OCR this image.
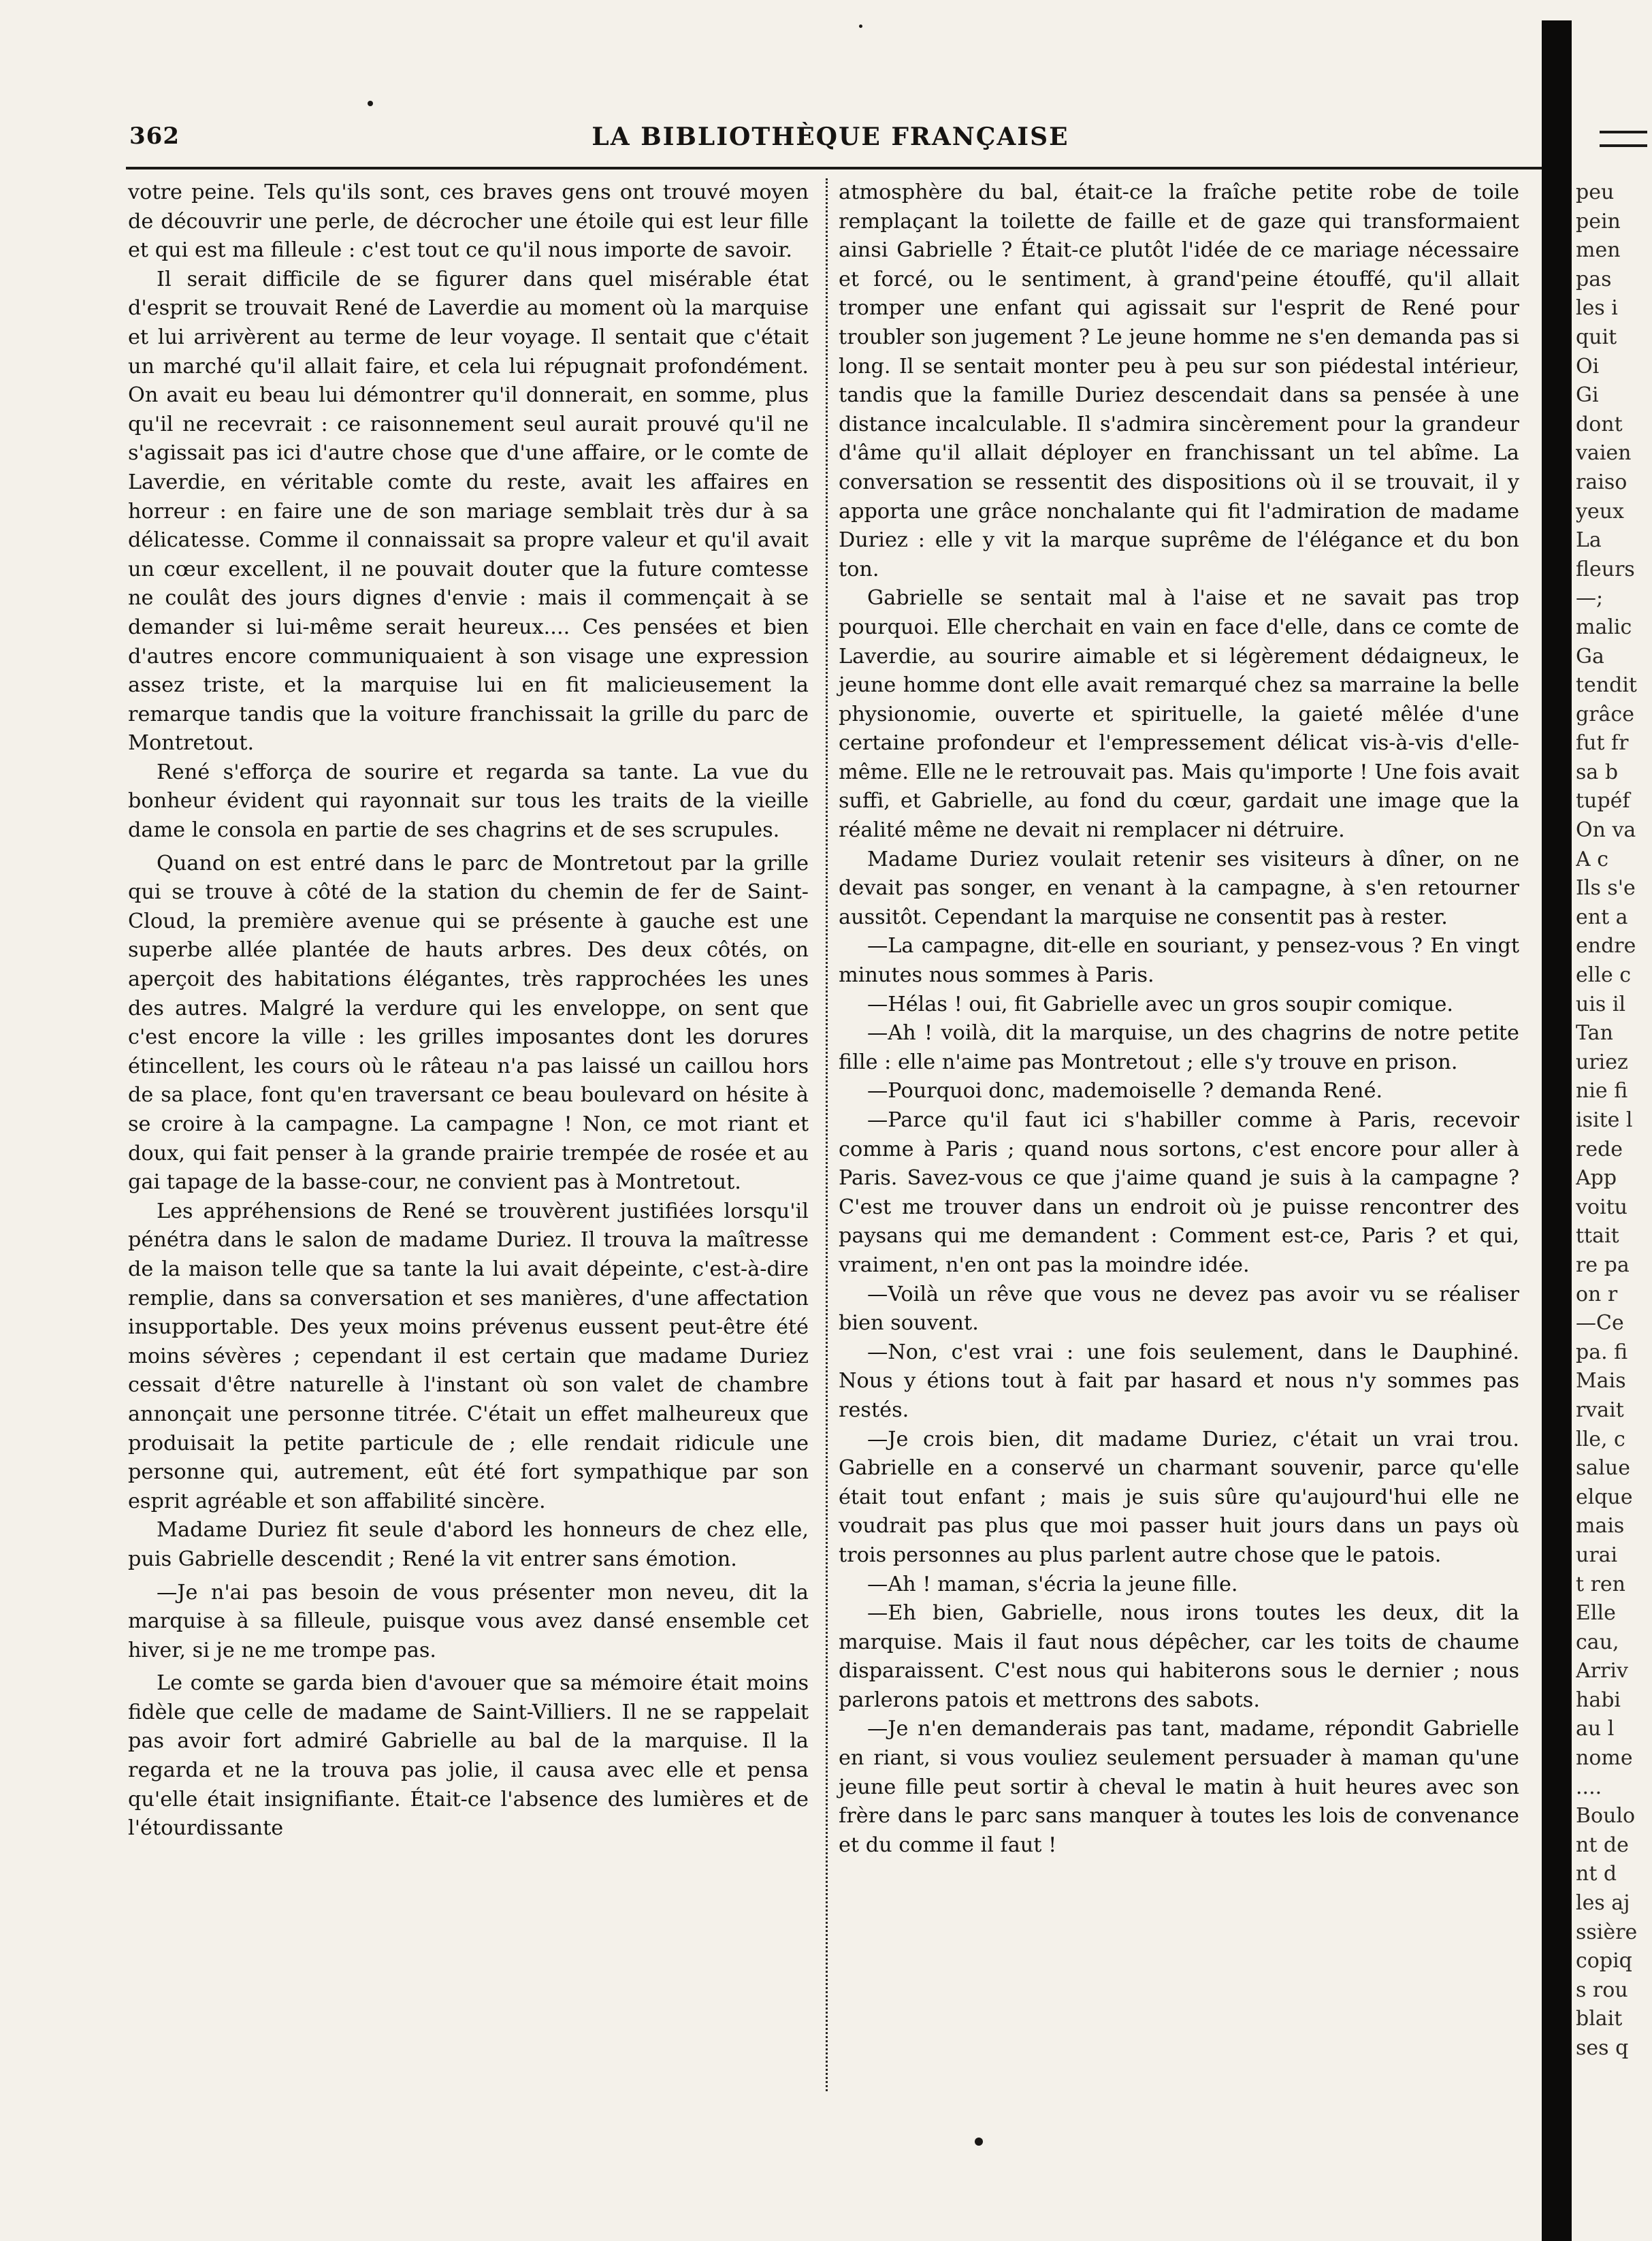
362	LA BIBLIOTHÈQUE FRANÇAISE

votre peine. Tels qu'ils sont, ces braves gens ont trouvé moyen de découvrir une perle, de décrocher une étoile qui est leur fille et qui est ma filleule : c'est tout ce qu'il nous importe de savoir.

Il serait difficile de se figurer dans quel misérable état d'esprit se trouvait René de Laverdie au moment où la marquise et lui arrivèrent au terme de leur voyage. Il sentait que c'était un marché qu'il allait faire, et cela lui répugnait profondément. On avait eu beau lui démontrer qu'il donnerait, en somme, plus qu'il ne recevrait : ce raisonnement seul aurait prouvé qu'il ne s'agissait pas ici d'autre chose que d'une affaire, or le comte de Laverdie, en véritable comte du reste, avait les affaires en horreur : en faire une de son mariage semblait très dur à sa délicatesse. Comme il connaissait sa propre valeur et qu'il avait un cœur excellent, il ne pouvait douter que la future comtesse ne coulât des jours dignes d'envie : mais il commençait à se demander si lui-même serait heureux.... Ces pensées et bien d'autres encore communiquaient à son visage une expression assez triste, et la marquise lui en fit malicieusement la remarque tandis que la voiture franchissait la grille du parc de Montretout.

René s'efforça de sourire et regarda sa tante. La vue du bonheur évident qui rayonnait sur tous les traits de la vieille dame le consola en partie de ses chagrins et de ses scrupules.

Quand on est entré dans le parc de Montretout par la grille qui se trouve à côté de la station du chemin de fer de Saint-Cloud, la première avenue qui se présente à gauche est une superbe allée plantée de hauts arbres. Des deux côtés, on aperçoit des habitations élégantes, très rapprochées les unes des autres. Malgré la verdure qui les enveloppe, on sent que c'est encore la ville : les grilles imposantes dont les dorures étincellent, les cours où le râteau n'a pas laissé un caillou hors de sa place, font qu'en traversant ce beau boulevard on hésite à se croire à la campagne. La campagne ! Non, ce mot riant et doux, qui fait penser à la grande prairie trempée de rosée et au gai tapage de la basse-cour, ne convient pas à Montretout.

Les appréhensions de René se trouvèrent justifiées lorsqu'il pénétra dans le salon de madame Duriez. Il trouva la maîtresse de la maison telle que sa tante la lui avait dépeinte, c'est-à-dire remplie, dans sa conversation et ses manières, d'une affectation insupportable. Des yeux moins prévenus eussent peut-être été moins sévères ; cependant il est certain que madame Duriez cessait d'être naturelle à l'instant où son valet de chambre annonçait une personne titrée. C'était un effet malheureux que produisait la petite particule de ; elle rendait ridicule une personne qui, autrement, eût été fort sympathique par son esprit agréable et son affabilité sincère.

Madame Duriez fit seule d'abord les honneurs de chez elle, puis Gabrielle descendit ; René la vit entrer sans émotion.

—Je n'ai pas besoin de vous présenter mon neveu, dit la marquise à sa filleule, puisque vous avez dansé ensemble cet hiver, si je ne me trompe pas.

Le comte se garda bien d'avouer que sa mémoire était moins fidèle que celle de madame de Saint-Villiers. Il ne se rappelait pas avoir fort admiré Gabrielle au bal de la marquise. Il la regarda et ne la trouva pas jolie, il causa avec elle et pensa qu'elle était insignifiante. Était-ce l'absence des lumières et de l'étourdissante

atmosphère du bal, était-ce la fraîche petite robe de toile remplaçant la toilette de faille et de gaze qui transformaient ainsi Gabrielle ? Était-ce plutôt l'idée de ce mariage nécessaire et forcé, ou le sentiment, à grand'peine étouffé, qu'il allait tromper une enfant qui agissait sur l'esprit de René pour troubler son jugement ? Le jeune homme ne s'en demanda pas si long. Il se sentait monter peu à peu sur son piédestal intérieur, tandis que la famille Duriez descendait dans sa pensée à une distance incalculable. Il s'admira sincèrement pour la grandeur d'âme qu'il allait déployer en franchissant un tel abîme. La conversation se ressentit des dispositions où il se trouvait, il y apporta une grâce nonchalante qui fit l'admiration de madame Duriez : elle y vit la marque suprême de l'élégance et du bon ton.

Gabrielle se sentait mal à l'aise et ne savait pas trop pourquoi. Elle cherchait en vain en face d'elle, dans ce comte de Laverdie, au sourire aimable et si légèrement dédaigneux, le jeune homme dont elle avait remarqué chez sa marraine la belle physionomie, ouverte et spirituelle, la gaieté mêlée d'une certaine profondeur et l'empressement délicat vis-à-vis d'elle-même. Elle ne le retrouvait pas. Mais qu'importe ! Une fois avait suffi, et Gabrielle, au fond du cœur, gardait une image que la réalité même ne devait ni remplacer ni détruire.

Madame Duriez voulait retenir ses visiteurs à dîner, on ne devait pas songer, en venant à la campagne, à s'en retourner aussitôt. Cependant la marquise ne consentit pas à rester.

—La campagne, dit-elle en souriant, y pensez-vous ? En vingt minutes nous sommes à Paris.

—Hélas ! oui, fit Gabrielle avec un gros soupir comique.

—Ah ! voilà, dit la marquise, un des chagrins de notre petite fille : elle n'aime pas Montretout ; elle s'y trouve en prison.

—Pourquoi donc, mademoiselle ? demanda René.

—Parce qu'il faut ici s'habiller comme à Paris, recevoir comme à Paris ; quand nous sortons, c'est encore pour aller à Paris. Savez-vous ce que j'aime quand je suis à la campagne ? C'est me trouver dans un endroit où je puisse rencontrer des paysans qui me demandent : Comment est-ce, Paris ? et qui, vraiment, n'en ont pas la moindre idée.

—Voilà un rêve que vous ne devez pas avoir vu se réaliser bien souvent.

—Non, c'est vrai : une fois seulement, dans le Dauphiné. Nous y étions tout à fait par hasard et nous n'y sommes pas restés.

—Je crois bien, dit madame Duriez, c'était un vrai trou. Gabrielle en a conservé un charmant souvenir, parce qu'elle était tout enfant ; mais je suis sûre qu'aujourd'hui elle ne voudrait pas plus que moi passer huit jours dans un pays où trois personnes au plus parlent autre chose que le patois.

—Ah ! maman, s'écria la jeune fille.

—Eh bien, Gabrielle, nous irons toutes les deux, dit la marquise. Mais il faut nous dépêcher, car les toits de chaume disparaissent. C'est nous qui habiterons sous le dernier ; nous parlerons patois et mettrons des sabots.

—Je n'en demanderais pas tant, madame, répondit Gabrielle en riant, si vous vouliez seulement persuader à maman qu'une jeune fille peut sortir à cheval le matin à huit heures avec son frère dans le parc sans manquer à toutes les lois de convenance et du comme il faut !

peu
pein
men
pas
les i
quit
Oi
Gi
dont
vaien
raiso
yeux
La
fleurs
—;
malic
Ga
tendit
grâce
fut fr
sa b
tupéf
On va
A c
Ils s'e
ent a
endre
elle c
uis il
Tan
uriez
nie fi
isite l
rede
App
voitu
ttait
re pa
on r
—Ce
pa. fi
Mais
rvait
lle, c
salue
elque
mais
urai
t ren
Elle
cau,
Arriv
habi
au l
nome
....
Boulo
nt de
nt d
les aj
ssière
copiq
s rou
blait
ses q
